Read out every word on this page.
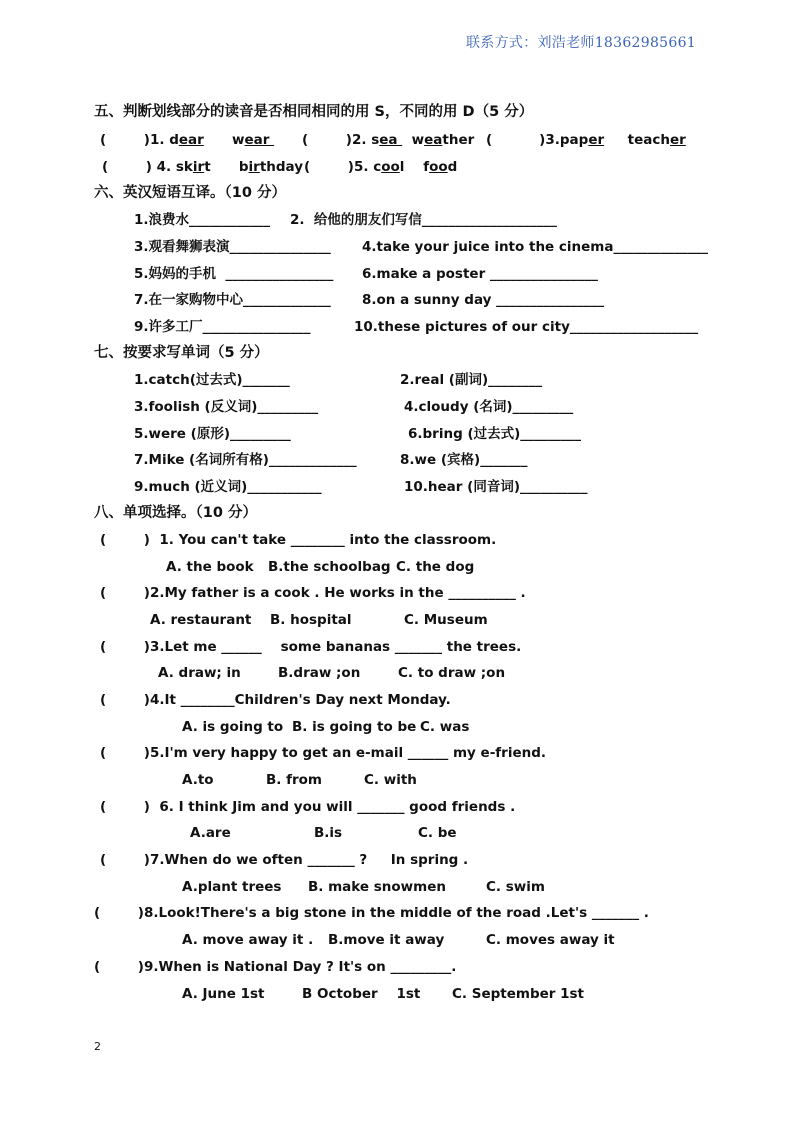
联系方式：刘浩老师18362985661
五、判断划线部分的读音是否相同相同的用 S，不同的用 D（5 分）
(        )1. dear wear (        )2. sea   weather (          )3.paper teacher
(        ) 4. skirt birthday (        )5. cool food
六、英汉短语互译。（10 分）
1.浪费水____________ 2.  给他的朋友们写信____________________
3.观看舞狮表演_______________ 4.take your juice into the cinema______________
5.妈妈的手机  ________________ 6.make a poster ________________
7.在一家购物中心_____________ 8.on a sunny day ________________
9.许多工厂________________	10.these pictures of our city___________________
七、按要求写单词（5 分）
1.catch(过去式)_______	2.real (副词)________
3.foolish (反义词)_________	4.cloudy (名词)_________
5.were (原形)_________	6.bring (过去式)_________
7.Mike (名词所有格)_____________	8.we (宾格)_______
9.much (近义词)___________	10.hear (同音词)__________
八、单项选择。（10 分）
(        ) 1. You can't take ________ into the classroom.
A. the book B.the schoolbag C. the dog
(        )2.My father is a cook . He works in the __________ .
A. restaurant B. hospital	C. Museum
(        )3.Let me ______    some bananas _______ the trees.
A. draw; in	B.draw ;on	C. to draw ;on
(        )4.It ________Children's Day next Monday.
A. is going to B. is going to be C. was
(        )5.I'm very happy to get an e-mail ______ my e-friend.
A.to	B. from	C. with
(        ) 6. I think Jim and you will _______ good friends .
A.are	B.is	C. be
(        )7.When do we often _______ ?     In spring .
A.plant trees B. make snowmen	C. swim
(        )8.Look!There's a big stone in the middle of the road .Let's _______ .
A. move away it . B.move it away	C. moves away it
(        )9.When is National Day ? It's on _________.
A. June 1st	B October    1st C. September 1st
2
